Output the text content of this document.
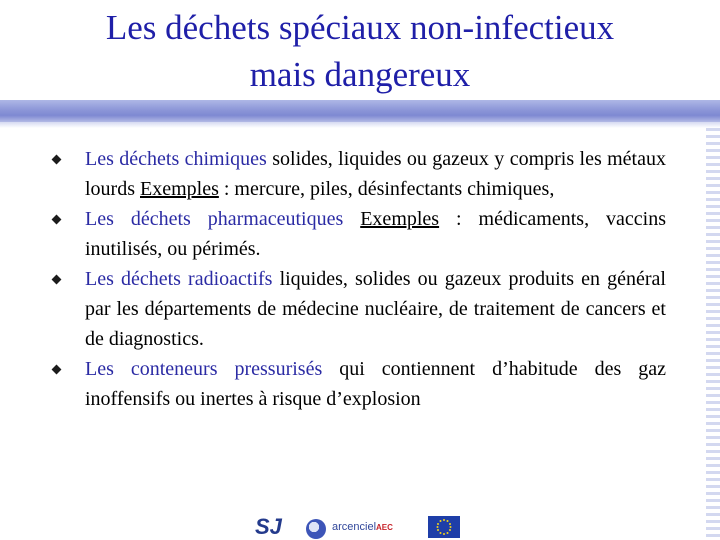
Les déchets spéciaux non-infectieux
mais dangereux
Les déchets chimiques solides, liquides ou gazeux y compris les métaux lourds Exemples : mercure, piles, désinfectants chimiques,
Les déchets pharmaceutiques Exemples : médicaments, vaccins inutilisés, ou périmés.
Les déchets radioactifs liquides, solides ou gazeux produits en général par les départements de médecine nucléaire, de traitement de cancers et de diagnostics.
Les conteneurs pressurisés qui contiennent d’habitude des gaz inoffensifs ou inertes à risque d’explosion
SJ	arcencielAEC
